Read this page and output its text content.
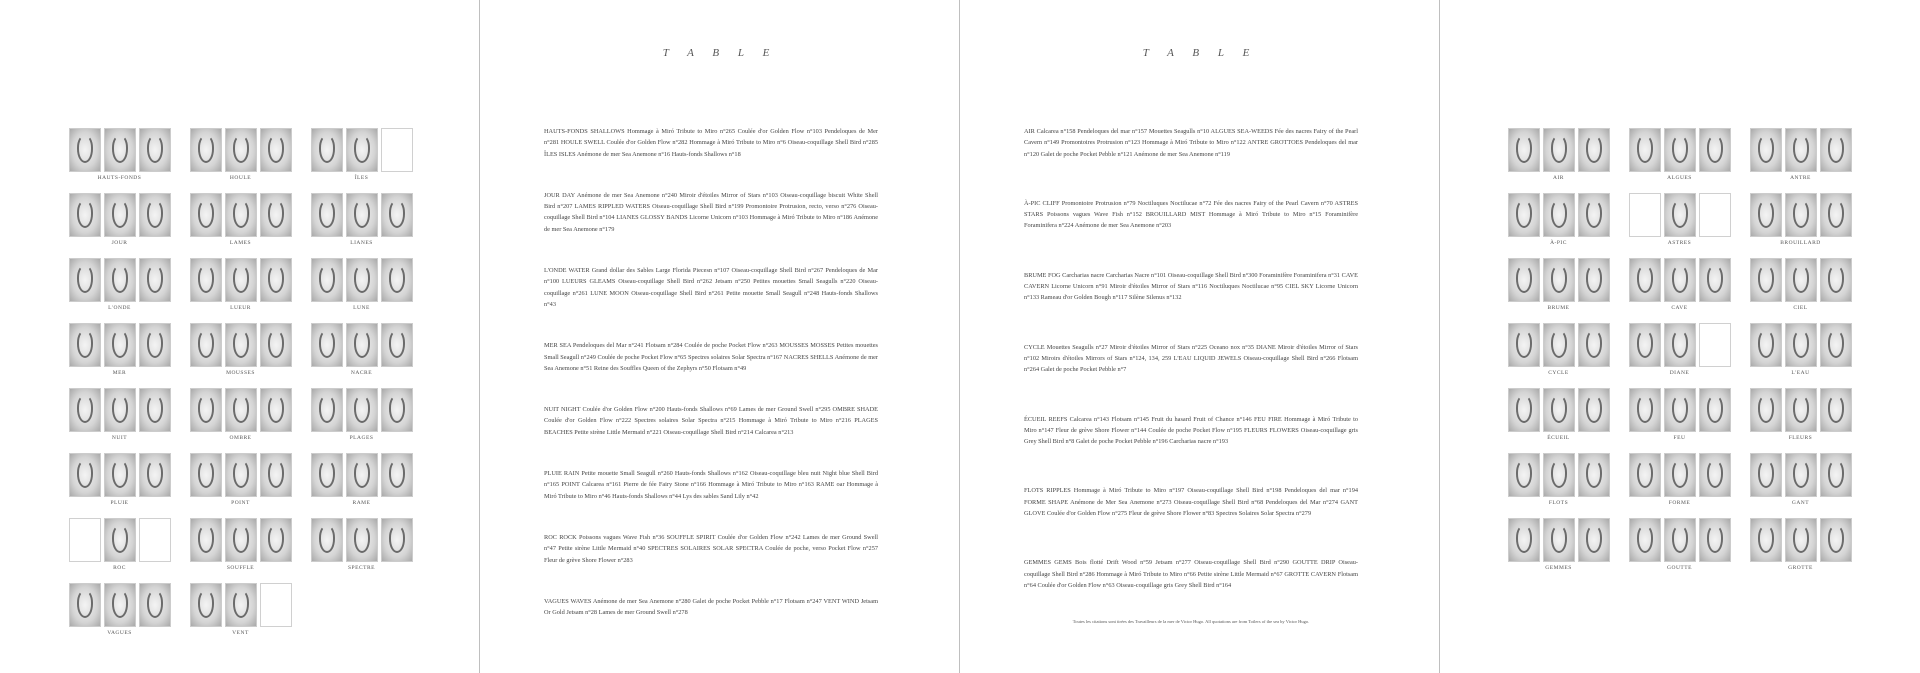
HAUTS-FONDS	HOULE	ÎLES
JOUR	LAMES	LIANES
L'ONDE	LUEUR	LUNE
MER	MOUSSES	NACRE
NUIT	OMBRE	PLAGES
PLUIE	POINT	RAME
ROC	SOUFFLE	SPECTRE
VAGUES	VENT
T A B L E
HAUTS-FONDS SHALLOWS Hommage à Miró Tribute to Miro n°265 Coulée d'or Golden Flow n°103 Pendeloques de Mer n°281 HOULE SWELL Coulée d'or Golden Flow n°282 Hommage à Miró Tribute to Miro n°6 Oiseau-coquillage Shell Bird n°285 ÎLES ISLES Anémone de mer Sea Anemone n°16 Hauts-fonds Shallows n°18
JOUR DAY Anémone de mer Sea Anemone n°240 Miroir d'étoiles Mirror of Stars n°103 Oiseau-coquillage biscuit White Shell Bird n°207 LAMES RIPPLED WATERS Oiseau-coquillage Shell Bird n°199 Promontoire Protrusion, recto, verso n°276 Oiseau-coquillage Shell Bird n°104 LIANES GLOSSY BANDS Licorne Unicorn n°103 Hommage à Miró Tribute to Miro n°186 Anémone de mer Sea Anemone n°179
L'ONDE WATER Grand dollar des Sables Large Florida Piecesn n°107 Oiseau-coquillage Shell Bird n°267 Pendeloques de Mar n°100 LUEURS GLEAMS Oiseau-coquillage Shell Bird n°262 Jetsam n°250 Petites mouettes Small Seagulls n°220 Oiseau-coquillage n°261 LUNE MOON Oiseau-coquillage Shell Bird n°261 Petite mouette Small Seagull n°248 Hauts-fonds Shallows n°43
MER SEA Pendeloques del Mar n°241 Flotsam n°284 Coulée de poche Pocket Flow n°263 MOUSSES MOSSES Petites mouettes Small Seagull n°249 Coulée de poche Pocket Flow n°65 Spectres solaires Solar Spectra n°167 NACRES SHELLS Anémone de mer Sea Anemone n°51 Reine des Souffles Queen of the Zephyrs n°50 Flotsam n°49
NUIT NIGHT Coulée d'or Golden Flow n°200 Hauts-fonds Shallows n°69 Lames de mer Ground Swell n°295 OMBRE SHADE Coulée d'or Golden Flow n°222 Spectres solaires Solar Spectra n°215 Hommage à Miró Tribute to Miro n°216 PLAGES BEACHES Petite sirène Little Mermaid n°221 Oiseau-coquillage Shell Bird n°214 Calcarea n°213
PLUIE RAIN Petite mouette Small Seagull n°260 Hauts-fonds Shallows n°162 Oiseau-coquillage bleu nuit Night blue Shell Bird n°165 POINT Calcarea n°161 Pierre de fée Fairy Stone n°166 Hommage à Miró Tribute to Miro n°163 RAME oar Hommage à Miró Tribute to Miro n°46 Hauts-fonds Shallows n°44 Lys des sables Sand Lily n°42
ROC ROCK Poissons vagues Wave Fish n°36 SOUFFLE SPIRIT Coulée d'or Golden Flow n°242 Lames de mer Ground Swell n°47 Petite sirène Little Mermaid n°40 SPECTRES SOLAIRES SOLAR SPECTRA Coulée de poche, verso Pocket Flow n°257 Fleur de grève Shore Flower n°283
VAGUES WAVES Anémone de mer Sea Anemone n°280 Galet de poche Pocket Pebble n°17 Flotsam n°247 VENT WIND Jetsam Or Gold Jetsam n°28 Lames de mer Ground Swell n°278
T A B L E
AIR Calcarea n°158 Pendeloques del mar n°157 Mouettes Seagulls n°10 ALGUES SEA-WEEDS Fée des nacres Fairy of the Pearl Cavern n°149 Promontoires Protrusion n°123 Hommage à Miró Tribute to Miro n°122 ANTRE GROTTOES Pendeloques del mar n°120 Galet de poche Pocket Pebble n°121 Anémone de mer Sea Anemone n°119
À-PIC CLIFF Promontoire Protrusion n°79 Noctiluques Noctilucae n°72 Fée des nacres Fairy of the Pearl Cavern n°70 ASTRES STARS Poissons vagues Wave Fish n°152 BROUILLARD MIST Hommage à Miró Tribute to Miro n°15 Foraminifère Foraminifera n°224 Anémone de mer Sea Anemone n°203
BRUME FOG Carcharias nacre Carcharias Nacre n°101 Oiseau-coquillage Shell Bird n°300 Foraminifère Foraminifera n°31 CAVE CAVERN Licorne Unicorn n°91 Miroir d'étoiles Mirror of Stars n°116 Noctiluques Noctilucae n°95 CIEL SKY Licorne Unicorn n°133 Rameau d'or Golden Bough n°117 Silène Silenus n°132
CYCLE Mouettes Seagulls n°27 Miroir d'étoiles Mirror of Stars n°225 Oceano nox n°35 DIANE Miroir d'étoiles Mirror of Stars n°102 Miroirs d'étoiles Mirrors of Stars n°124, 134, 259 L'EAU LIQUID JEWELS Oiseau-coquillage Shell Bird n°266 Flotsam n°264 Galet de poche Pocket Pebble n°7
ÉCUEIL REEFS Calcarea n°143 Flotsam n°145 Fruit du hasard Fruit of Chance n°146 FEU FIRE Hommage à Miró Tribute to Miro n°147 Fleur de grève Shore Flower n°144 Coulée de poche Pocket Flow n°195 FLEURS FLOWERS Oiseau-coquillage gris Grey Shell Bird n°8 Galet de poche Pocket Pebble n°196 Carcharias nacre n°193
FLOTS RIPPLES Hommage à Miró Tribute to Miro n°197 Oiseau-coquillage Shell Bird n°198 Pendeloques del mar n°194 FORME SHAPE Anémone de Mer Sea Anemone n°273 Oiseau-coquillage Shell Bird n°68 Pendeloques del Mar n°274 GANT GLOVE Coulée d'or Golden Flow n°275 Fleur de grève Shore Flower n°83 Spectres Solaires Solar Spectra n°279
GEMMES GEMS Bois flotté Drift Wood n°59 Jetsam n°277 Oiseau-coquillage Shell Bird n°290 GOUTTE DRIP Oiseau-coquillage Shell Bird n°286 Hommage à Miró Tribute to Miro n°66 Petite sirène Little Mermaid n°67 GROTTE CAVERN Flotsam n°64 Coulée d'or Golden Flow n°63 Oiseau-coquillage gris Grey Shell Bird n°164
Toutes les citations sont tirées des Travailleurs de la mer de Victor Hugo. All quotations are from Toilers of the sea by Victor Hugo.
AIR	ALGUES	ANTRE
À-PIC	ASTRES	BROUILLARD
BRUME	CAVE	CIEL
CYCLE	DIANE	L'EAU
ÉCUEIL	FEU	FLEURS
FLOTS	FORME	GANT
GEMMES	GOUTTE	GROTTE
